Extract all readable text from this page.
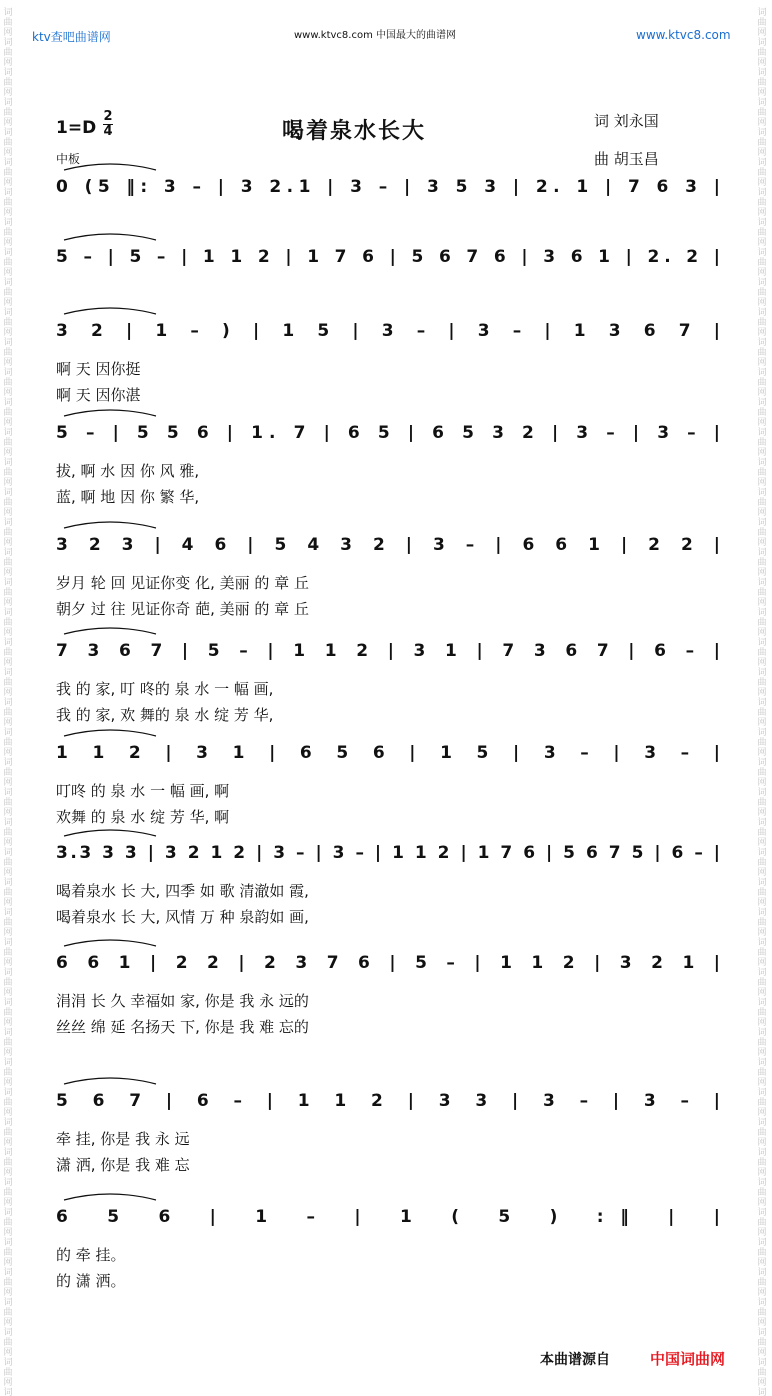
词
曲
网
词
曲
网
词
曲
网
词
曲
网
词
曲
网
词
曲
网
词
曲
网
词
曲
网
词
曲
网
词
曲
网
词
曲
网
词
曲
网
词
曲
网
词
曲
网
词
曲
网
词
曲
网
词
曲
网
词
曲
网
词
曲
网
词
曲
网
词
曲
网
词
曲
网
词
曲
网
词
曲
网
词
曲
网
词
曲
网
词
曲
网
词
曲
网
词
曲
网
词
曲
网
词
曲
网
词
曲
网
词
曲
网
词
曲
网
词
曲
网
词
曲
网
词
曲
网
词
曲
网
词
曲
网
词
曲
网
词
曲
网
词
曲
网
词
曲
网
词
曲
网
词
曲
网
词
曲
网
词
词
曲
网
词
曲
网
词
曲
网
词
曲
网
词
曲
网
词
曲
网
词
曲
网
词
曲
网
词
曲
网
词
曲
网
词
曲
网
词
曲
网
词
曲
网
词
曲
网
词
曲
网
词
曲
网
词
曲
网
词
曲
网
词
曲
网
词
曲
网
词
曲
网
词
曲
网
词
曲
网
词
曲
网
词
曲
网
词
曲
网
词
曲
网
词
曲
网
词
曲
网
词
曲
网
词
曲
网
词
曲
网
词
曲
网
词
曲
网
词
曲
网
词
曲
网
词
曲
网
词
曲
网
词
曲
网
词
曲
网
词
曲
网
词
曲
网
词
曲
网
词
曲
网
词
曲
网
词
曲
网
词
ktv查吧曲谱网	www.ktvc8.com 中国最大的曲谱网	www.ktvc8.com
喝着泉水长大
1=D
2
4
中板
词 刘永国
曲 胡玉昌
0 (5 ‖: 3 – | 3 2.1 | 3 – | 3 5 3 | 2. 1 | 7 6 3 |
5 – | 5 – | 1 1 2 | 1 7 6 | 5 6 7 6 | 3 6 1 | 2. 2 |
3 2 | 1 – ) | 1 5 | 3 – | 3 – | 1 3 6 7 |
啊 天 因你挺
啊 天 因你湛
5 – | 5 5 6 | 1. 7 | 6 5 | 6 5 3 2 | 3 – | 3 – |
拔, 啊 水 因 你 风 雅,
蓝, 啊 地 因 你 繁 华,
3 2 3 | 4 6 | 5 4 3 2 | 3 – | 6 6 1 | 2 2 |
岁月 轮 回 见证你变 化, 美丽 的 章 丘
朝夕 过 往 见证你奇 葩, 美丽 的 章 丘
7 3 6 7 | 5 – | 1 1 2 | 3 1 | 7 3 6 7 | 6 – |
我 的 家, 叮 咚的 泉 水 一 幅 画,
我 的 家, 欢 舞的 泉 水 绽 芳 华,
1 1 2 | 3 1 | 6 5 6 | 1 5 | 3 – | 3 – |
叮咚 的 泉 水 一 幅 画, 啊
欢舞 的 泉 水 绽 芳 华, 啊
3.3 3 3 | 3 2 1 2 | 3 – | 3 – | 1 1 2 | 1 7 6 | 5 6 7 5 | 6 – |
喝着泉水 长 大, 四季 如 歌 清澈如 霞,
喝着泉水 长 大, 风情 万 种 泉韵如 画,
6 6 1 | 2 2 | 2 3 7 6 | 5 – | 1 1 2 | 3 2 1 |
涓涓 长 久 幸福如 家, 你是 我 永 远的
丝丝 绵 延 名扬天 下, 你是 我 难 忘的
5 6 7 | 6 – | 1 1 2 | 3 3 | 3 – | 3 – |
牵 挂, 你是 我 永 远
潇 洒, 你是 我 难 忘
6 5 6 | 1 – | 1 ( 5 ) :‖ | |
的 牵 挂。
的 潇 洒。
本曲谱源自	中国词曲网
